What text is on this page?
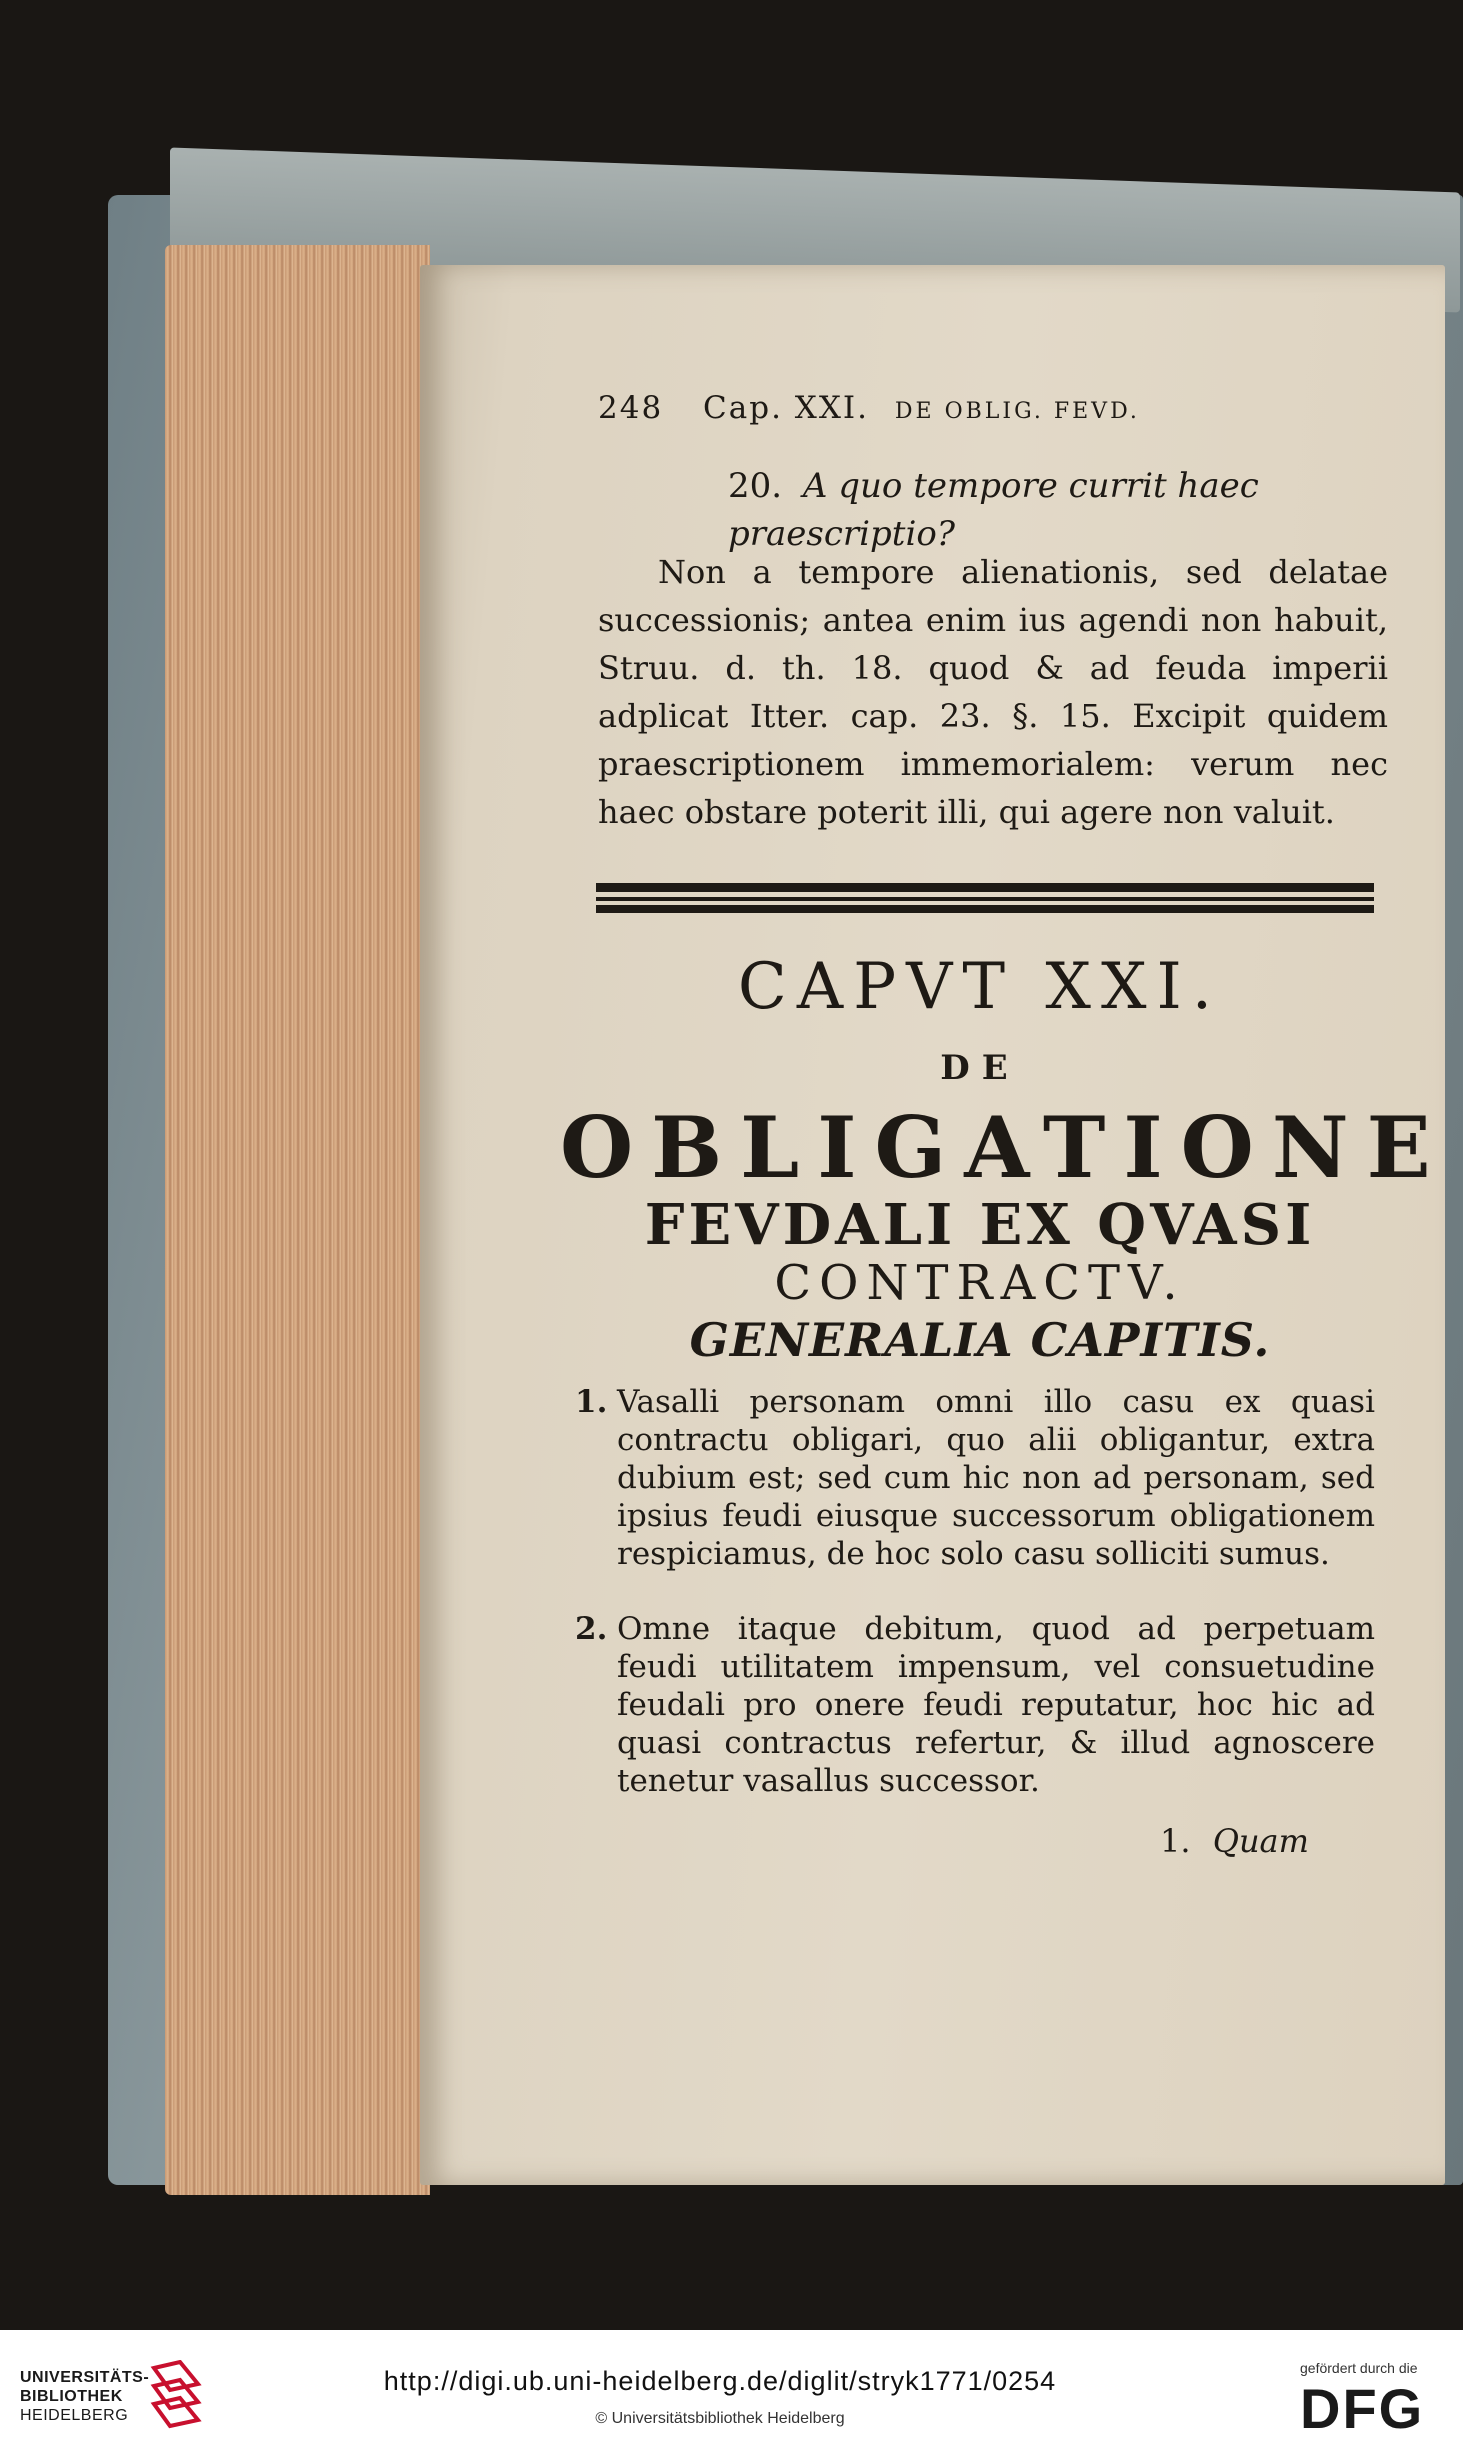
248 Cap. XXI. DE OBLIG. FEVD.
20. A quo tempore currit haec praescriptio?
Non a tempore alienationis, sed delatae successionis; antea enim ius agendi non habuit, Struu. d. th. 18. quod & ad feuda imperii adplicat Itter. cap. 23. §. 15. Excipit quidem praescriptionem immemorialem: verum nec haec obstare poterit illi, qui agere non valuit.
CAPVT XXI.
DE
OBLIGATIONE
FEVDALI EX QVASI
CONTRACTV.
GENERALIA CAPITIS.
1. Vasalli personam omni illo casu ex quasi contractu obligari, quo alii obligantur, extra dubium est; sed cum hic non ad personam, sed ipsius feudi eiusque successorum obligationem respiciamus, de hoc solo casu solliciti sumus.
2. Omne itaque debitum, quod ad perpetuam feudi utilitatem impensum, vel consuetudine feudali pro onere feudi reputatur, hoc hic ad quasi contractus refertur, & illud agnoscere tenetur vasallus successor.
1. Quam
UNIVERSITÄTS-
BIBLIOTHEK
HEIDELBERG
http://digi.ub.uni-heidelberg.de/diglit/stryk1771/0254
© Universitätsbibliothek Heidelberg
gefördert durch die
DFG
